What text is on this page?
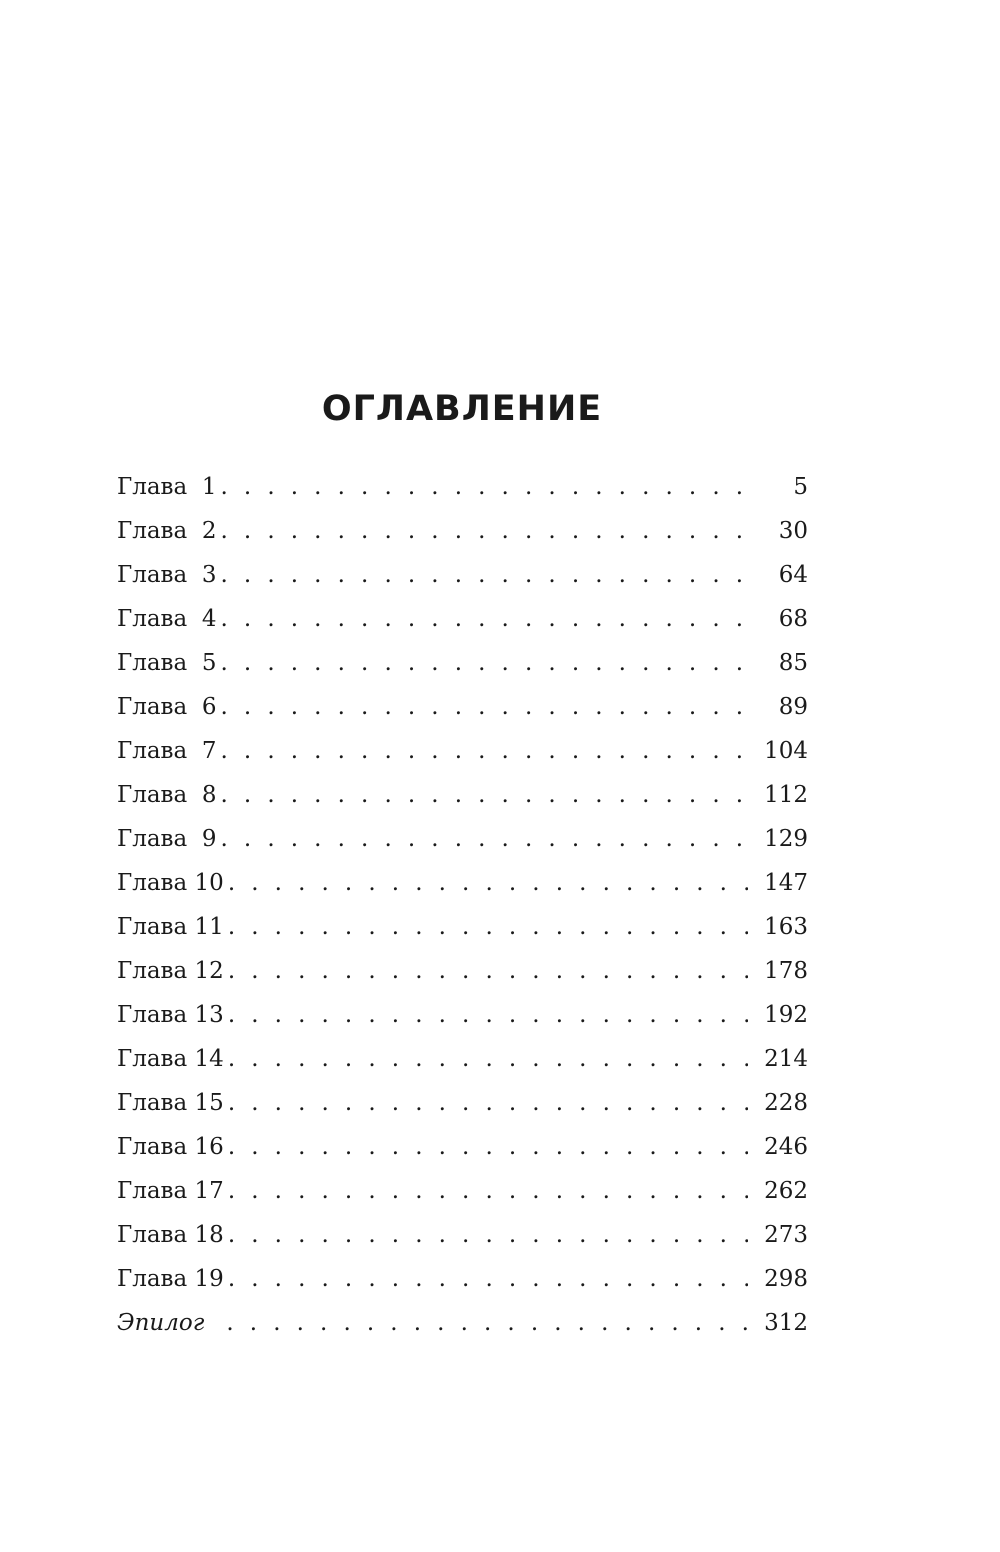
ОГЛАВЛЕНИЕ
Глава 1 . . .	5
Глава 2 . . .	30
Глава 3 . . .	64
Глава 4 . . .	68
Глава 5 . . .	85
Глава 6 . . .	89
Глава 7 . . .	104
Глава 8 . . .	112
Глава 9 . . .	129
Глава 10 . . .	147
Глава 11 . . .	163
Глава 12 . . .	178
Глава 13 . . .	192
Глава 14 . . .	214
Глава 15 . . .	228
Глава 16 . . .	246
Глава 17 . . .	262
Глава 18 . . .	273
Глава 19 . . .	298
Эпилог . . .	312
